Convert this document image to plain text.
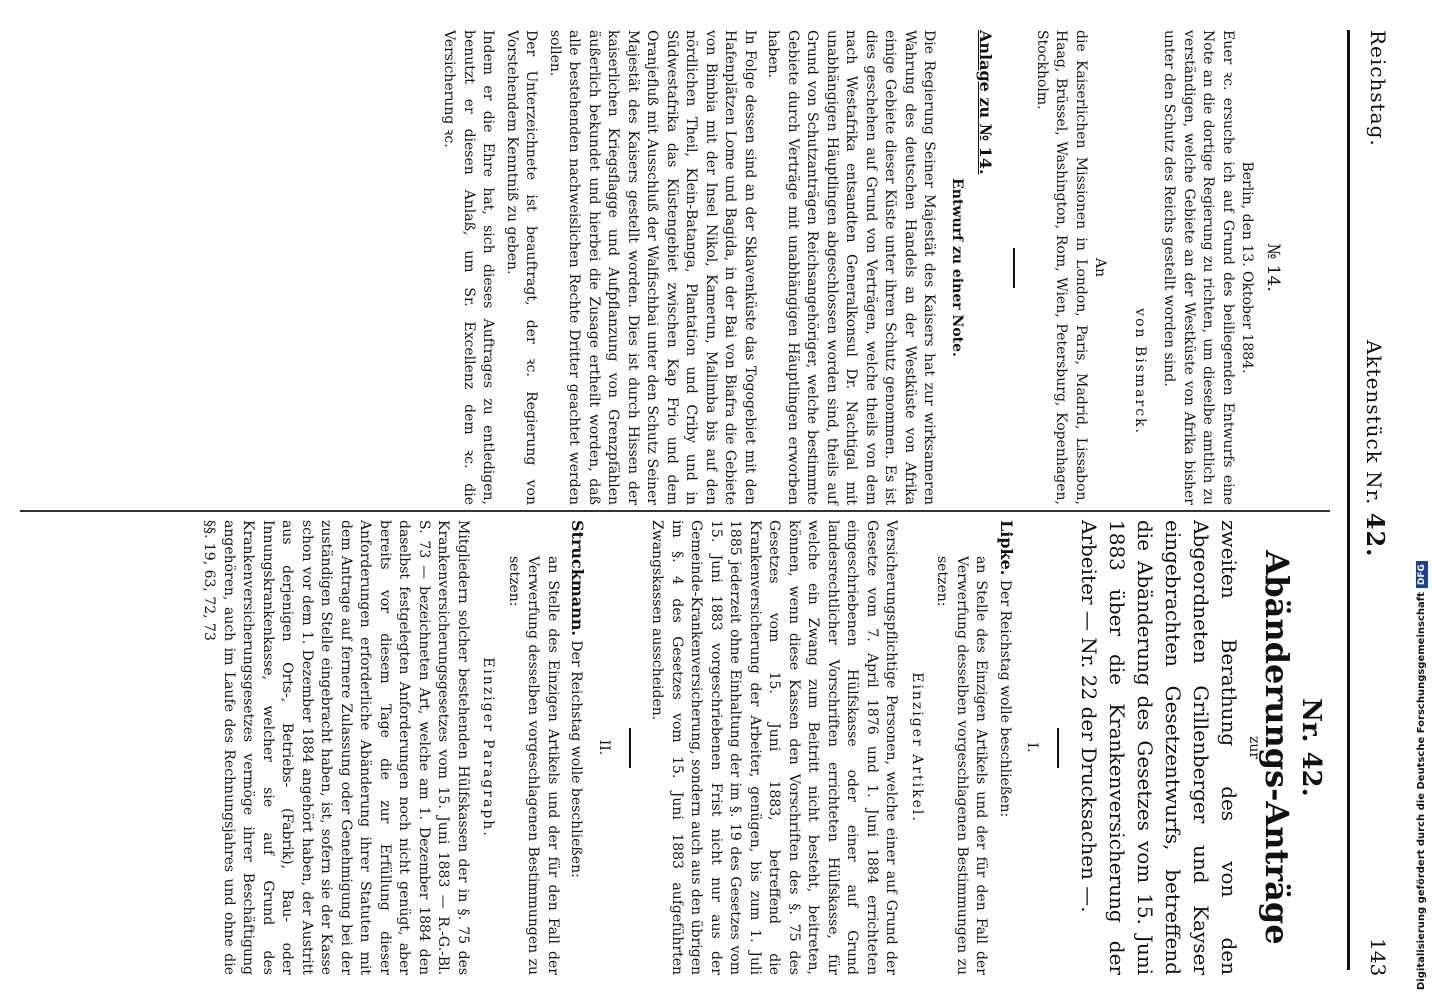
Reichstag.
Aktenstück Nr. 42.
143
№ 14.
Berlin, den 13. Oktober 1884.

Euer ꝛc. ersuche ich auf Grund des beiliegenden Entwurfs eine Note an die dortige Regierung zu richten, um dieselbe amtlich zu verständigen, welche Gebiete an der Westküste von Afrika bisher unter den Schutz des Reichs gestellt worden sind.

von Bismarck.
An

die Kaiserlichen Missionen in London, Paris, Madrid, Lissabon, Haag, Brüssel, Washington, Rom, Wien, Petersburg, Kopenhagen, Stockholm.

Anlage zu № 14.
Entwurf zu einer Note.

Die Regierung Seiner Majestät des Kaisers hat zur wirksameren Wahrung des deutschen Handels an der Westküste von Afrika einige Gebiete dieser Küste unter ihren Schutz genommen. Es ist dies geschehen auf Grund von Verträgen, welche theils von dem nach Westafrika entsandten Generalkonsul Dr. Nachtigal mit unabhängigen Häuptlingen abgeschlossen worden sind, theils auf Grund von Schutzanträgen Reichsangehöriger, welche bestimmte Gebiete durch Verträge mit unabhängigen Häuptlingen erworben haben.

In Folge dessen sind an der Sklavenküste das Togogebiet mit den Hafenplätzen Lome und Bagida, in der Bai von Biafra die Gebiete von Bimbia mit der Insel Nikol, Kamerun, Malimba bis auf den nördlichen Theil, Klein-Batanga, Plantation und Criby und in Südwestafrika das Küstengebiet zwischen Kap Frio und dem Oranjefluß mit Ausschluß der Walfischbai unter den Schutz Seiner Majestät des Kaisers gestellt worden. Dies ist durch Hissen der kaiserlichen Kriegsflagge und Aufpflanzung von Grenzpfählen äußerlich bekundet und hierbei die Zusage ertheilt worden, daß alle bestehenden nachweislichen Rechte Dritter geachtet werden sollen.

Der Unterzeichnete ist beauftragt, der ꝛc. Regierung von Vorstehendem Kenntniß zu geben.

Indem er die Ehre hat, sich dieses Auftrages zu entledigen, benutzt er diesen Anlaß, um Sr. Excellenz dem ꝛc. die Versicherung ꝛc.

Nr. 42.
Abänderungs-Anträge
zur
zweiten Berathung des von den Abgeordneten Grillenberger und Kayser eingebrachten Gesetzentwurfs, betreffend die Abänderung des Gesetzes vom 15. Juni 1883 über die Krankenversicherung der Arbeiter — Nr. 22 der Drucksachen —.
I.

Lipke. Der Reichstag wolle beschließen:

an Stelle des Einzigen Artikels und der für den Fall der Verwerfung desselben vorgeschlagenen Bestimmungen zu setzen:

Einziger Artikel.

Versicherungspflichtige Personen, welche einer auf Grund der Gesetze vom 7. April 1876 und 1. Juni 1884 errichteten eingeschriebenen Hülfskasse oder einer auf Grund landesrechtlicher Vorschriften errichteten Hülfskasse, für welche ein Zwang zum Beitritt nicht besteht, beitreten, können, wenn diese Kassen den Vorschriften des §. 75 des Gesetzes vom 15. Juni 1883, betreffend die Krankenversicherung der Arbeiter, genügen, bis zum 1. Juli 1885 jederzeit ohne Einhaltung der im §. 19 des Gesetzes vom 15. Juni 1883 vorgeschriebenen Frist nicht nur aus der Gemeinde-Krankenversicherung, sondern auch aus den übrigen im §. 4 des Gesetzes vom 15. Juni 1883 aufgeführten Zwangskassen ausscheiden.

II.

Struckmann. Der Reichstag wolle beschließen:

an Stelle des Einzigen Artikels und der für den Fall der Verwerfung desselben vorgeschlagenen Bestimmungen zu setzen:

Einziger Paragraph.

Mitgliedern solcher bestehenden Hülfskassen der in §. 75 des Krankenversicherungsgesetzes vom 15. Juni 1883 — R.-G.-Bl. S. 73 — bezeichneten Art, welche am 1. Dezember 1884 den daselbst festgelegten Anforderungen noch nicht genügt, aber bereits vor diesem Tage die zur Erfüllung dieser Anforderungen erforderliche Abänderung ihrer Statuten mit dem Antrage auf fernere Zulassung oder Genehmigung bei der zuständigen Stelle eingebracht haben, ist, sofern sie der Kasse schon vor dem 1. Dezember 1884 angehört haben, der Austritt aus derjenigen Orts-, Betriebs- (Fabrik), Bau- oder Innungskrankenkasse, welcher sie auf Grund des Krankenversicherungsgesetzes vermöge ihrer Beschäftigung angehören, auch im Laufe des Rechnungsjahres und ohne die §§. 19, 63, 72, 73

Digitalisierung gefördert durch die Deutsche ForschungsgemeinschaftDFG
